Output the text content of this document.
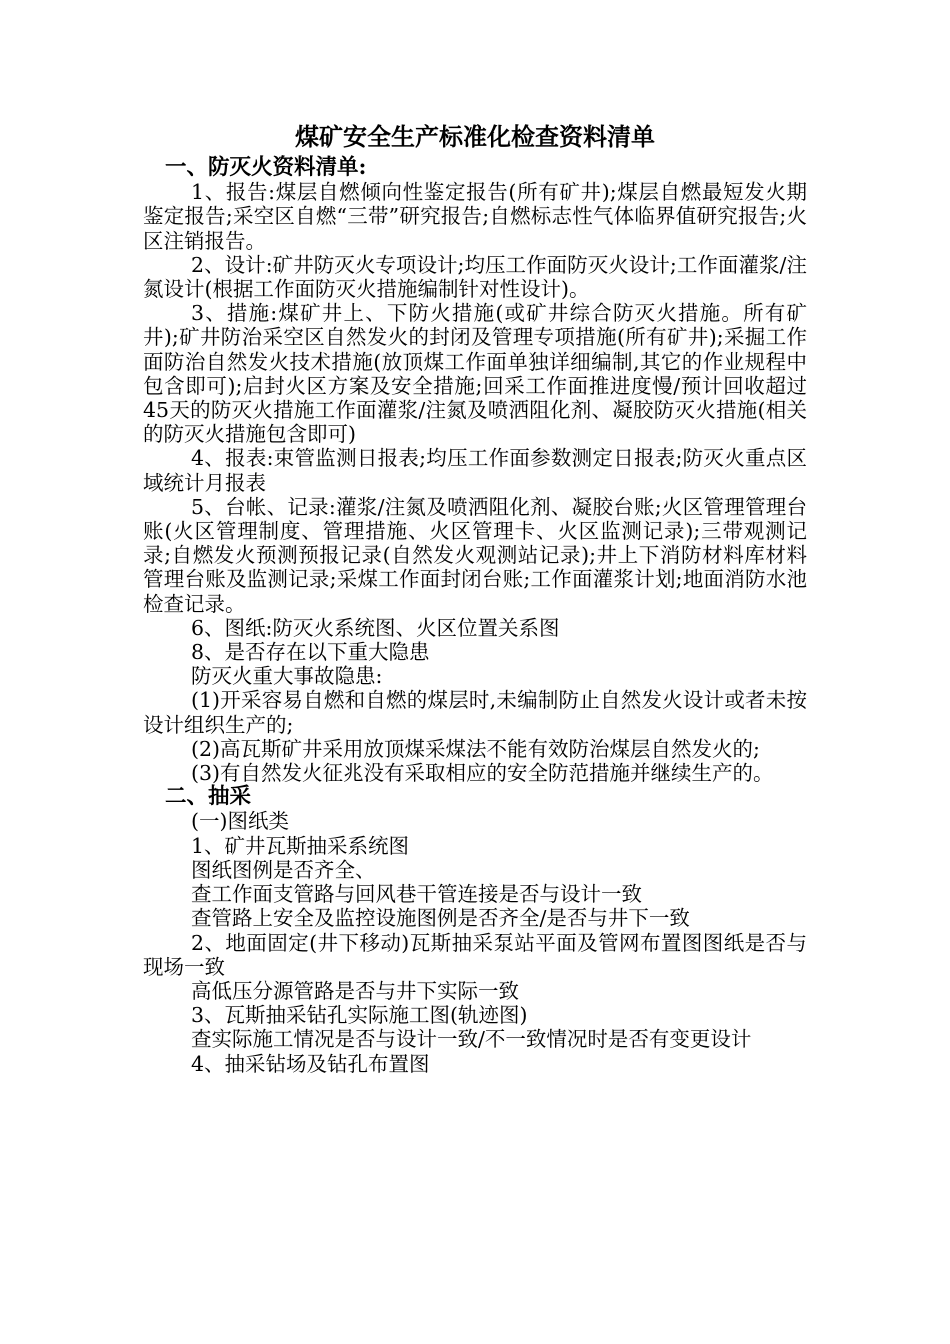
煤矿安全生产标准化检查资料清单

一、防灭火资料清单:

1、报告:煤层自燃倾向性鉴定报告(所有矿井);煤层自燃最短发火期鉴定报告;采空区自燃“三带”研究报告;自燃标志性气体临界值研究报告;火区注销报告。

2、设计:矿井防灭火专项设计;均压工作面防灭火设计;工作面灌浆/注氮设计(根据工作面防灭火措施编制针对性设计)。

3、措施:煤矿井上、下防火措施(或矿井综合防灭火措施。所有矿井);矿井防治采空区自然发火的封闭及管理专项措施(所有矿井);采掘工作面防治自然发火技术措施(放顶煤工作面单独详细编制,其它的作业规程中包含即可);启封火区方案及安全措施;回采工作面推进度慢/预计回收超过45天的防灭火措施工作面灌浆/注氮及喷洒阻化剂、凝胶防灭火措施(相关的防灭火措施包含即可)

4、报表:束管监测日报表;均压工作面参数测定日报表;防灭火重点区域统计月报表

5、台帐、记录:灌浆/注氮及喷洒阻化剂、凝胶台账;火区管理管理台账(火区管理制度、管理措施、火区管理卡、火区监测记录);三带观测记录;自燃发火预测预报记录(自然发火观测站记录);井上下消防材料库材料管理台账及监测记录;采煤工作面封闭台账;工作面灌浆计划;地面消防水池检查记录。

6、图纸:防灭火系统图、火区位置关系图

8、是否存在以下重大隐患

防灭火重大事故隐患:

(1)开采容易自燃和自燃的煤层时,未编制防止自然发火设计或者未按设计组织生产的;

(2)高瓦斯矿井采用放顶煤采煤法不能有效防治煤层自然发火的;

(3)有自然发火征兆没有采取相应的安全防范措施并继续生产的。

二、抽采

(一)图纸类

1、矿井瓦斯抽采系统图

图纸图例是否齐全、

查工作面支管路与回风巷干管连接是否与设计一致

查管路上安全及监控设施图例是否齐全/是否与井下一致

2、地面固定(井下移动)瓦斯抽采泵站平面及管网布置图图纸是否与现场一致

高低压分源管路是否与井下实际一致

3、瓦斯抽采钻孔实际施工图(轨迹图)

查实际施工情况是否与设计一致/不一致情况时是否有变更设计

4、抽采钻场及钻孔布置图
